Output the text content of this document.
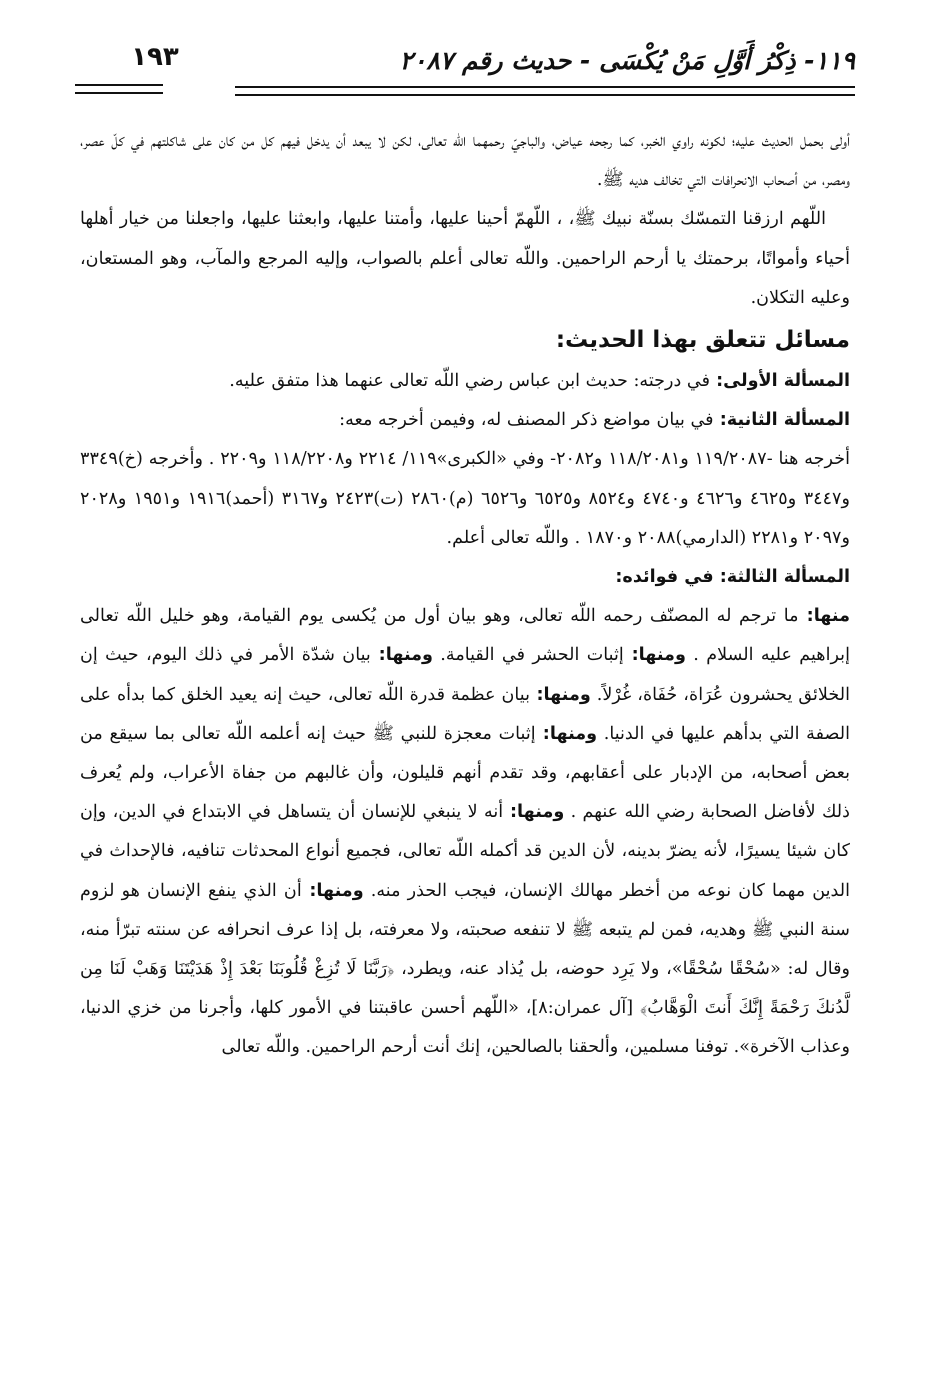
١٩٣	١١٩- ذِكْرُ أَوَّلِ مَنْ يُكْسَى - حديث رقم ٢٠٨٧

أولى بحمل الحديث عليه؛ لكونه راوي الخبر، كما رجحه عياض، والباجيّ رحمهما اللّه تعالى، لكن لا يبعد أن يدخل فيهم كل من كان على شاكلتهم في كلّ عصر، ومصر، من أصحاب الانحرافات التي تخالف هديه ﷺ.

اللّهم ارزقنا التمسّك بسنّة نبيك ﷺ، ، اللّهمّ أحينا عليها، وأمتنا عليها، وابعثنا عليها، واجعلنا من خيار أهلها أحياء وأمواتًا، برحمتك يا أرحم الراحمين. واللّه تعالى أعلم بالصواب، وإليه المرجع والمآب، وهو المستعان، وعليه التكلان.

مسائل تتعلق بهذا الحديث:

المسألة الأولى: في درجته: حديث ابن عباس رضي اللّه تعالى عنهما هذا متفق عليه.

المسألة الثانية: في بيان مواضع ذكر المصنف له، وفيمن أخرجه معه:

أخرجه هنا -١١٩/٢٠٨٧ و١١٨/٢٠٨١ و٢٠٨٢- وفي «الكبرى»١١٩/ ٢٢١٤ و١١٨/٢٢٠٨ و٢٢٠٩ . وأخرجه (خ)٣٣٤٩ و٣٤٤٧ و٤٦٢٥ و٤٦٢٦ و٤٧٤٠ و٨٥٢٤ و٦٥٢٥ و٦٥٢٦ (م)٢٨٦٠ (ت)٢٤٢٣ و٣١٦٧ (أحمد)١٩١٦ و١٩٥١ و٢٠٢٨ و٢٠٩٧ و٢٢٨١ (الدارمي)٢٠٨٨ و١٨٧٠ . واللّه تعالى أعلم.

المسألة الثالثة: في فوائده:

منها: ما ترجم له المصنّف رحمه اللّه تعالى، وهو بيان أول من يُكسى يوم القيامة، وهو خليل اللّه تعالى إبراهيم عليه السلام . ومنها: إثبات الحشر في القيامة. ومنها: بيان شدّة الأمر في ذلك اليوم، حيث إن الخلائق يحشرون عُرَاة، حُفَاة، غُرْلاً. ومنها: بيان عظمة قدرة اللّه تعالى، حيث إنه يعيد الخلق كما بدأه على الصفة التي بدأهم عليها في الدنيا. ومنها: إثبات معجزة للنبي ﷺ حيث إنه أعلمه اللّه تعالى بما سيقع من بعض أصحابه، من الإدبار على أعقابهم، وقد تقدم أنهم قليلون، وأن غالبهم من جفاة الأعراب، ولم يُعرف ذلك لأفاضل الصحابة رضي الله عنهم . ومنها: أنه لا ينبغي للإنسان أن يتساهل في الابتداع في الدين، وإن كان شيئا يسيرًا، لأنه يضرّ بدينه، لأن الدين قد أكمله اللّه تعالى، فجميع أنواع المحدثات تنافيه، فالإحداث في الدين مهما كان نوعه من أخطر مهالك الإنسان، فيجب الحذر منه. ومنها: أن الذي ينفع الإنسان هو لزوم سنة النبي ﷺ وهديه، فمن لم يتبعه ﷺ لا تنفعه صحبته، ولا معرفته، بل إذا عرف انحرافه عن سنته تبرّأ منه، وقال له: «سُحْقًا سُحْقًا»، ولا يَرِد حوضه، بل يُذاد عنه، ويطرد، ﴿رَبَّنَا لَا تُزِغْ قُلُوبَنَا بَعْدَ إِذْ هَدَيْتَنَا وَهَبْ لَنَا مِن لَّدُنكَ رَحْمَةً إِنَّكَ أَنتَ الْوَهَّابُ﴾ [آل عمران:٨]، «اللّهم أحسن عاقبتنا في الأمور كلها، وأجرنا من خزي الدنيا، وعذاب الآخرة». توفنا مسلمين، وألحقنا بالصالحين، إنك أنت أرحم الراحمين. واللّه تعالى
